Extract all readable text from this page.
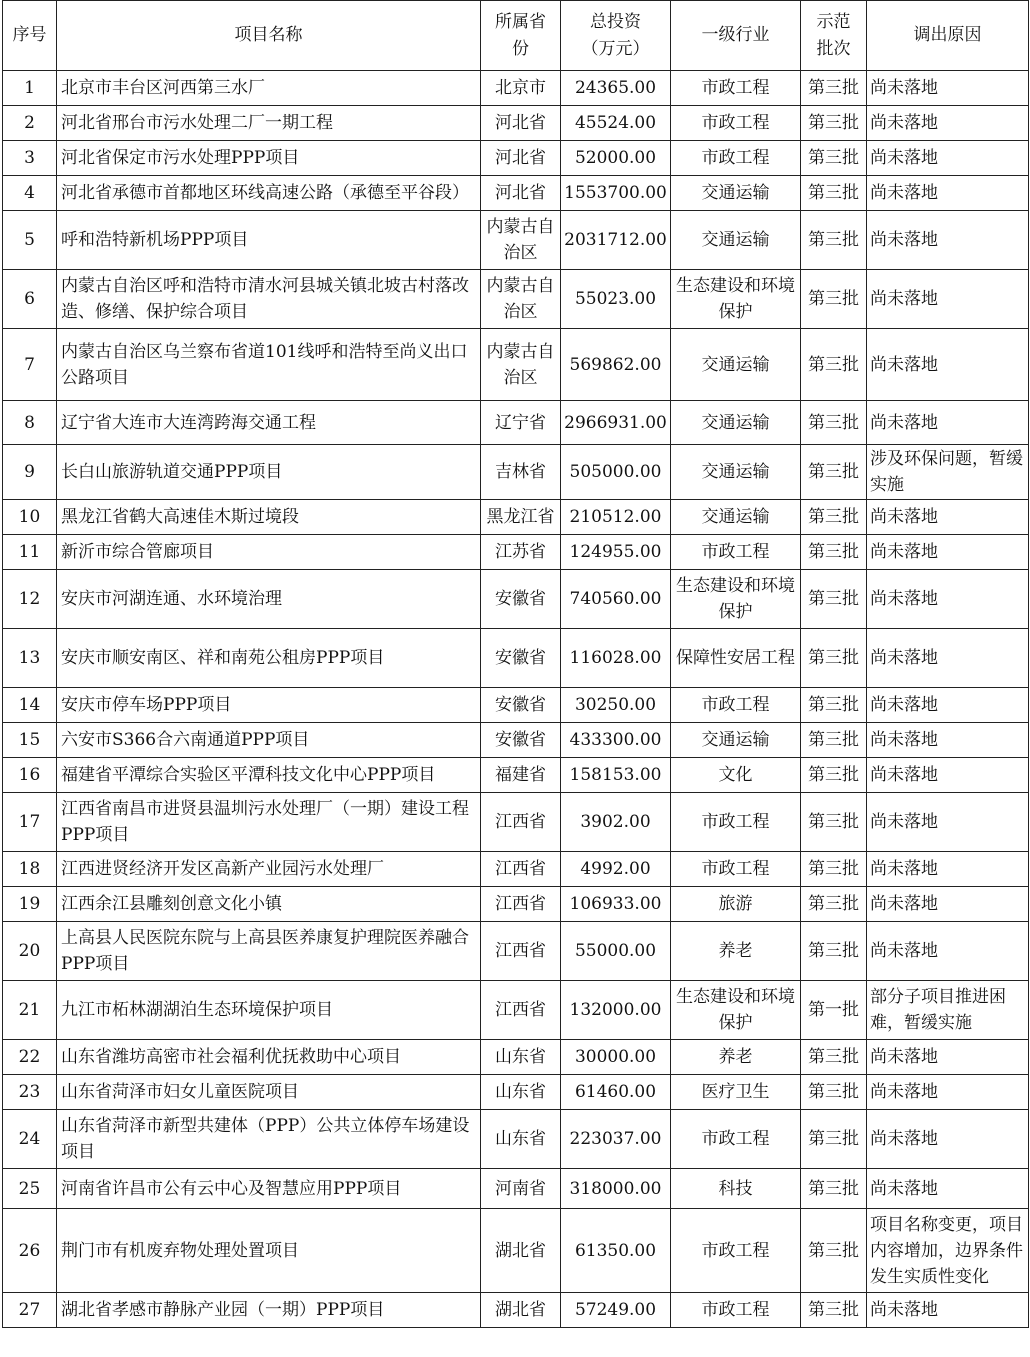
序号	项目名称	所属省份	总投资（万元）	一级行业	示范批次	调出原因
1	北京市丰台区河西第三水厂	北京市	24365.00	市政工程	第三批	尚未落地
2	河北省邢台市污水处理二厂一期工程	河北省	45524.00	市政工程	第三批	尚未落地
3	河北省保定市污水处理PPP项目	河北省	52000.00	市政工程	第三批	尚未落地
4	河北省承德市首都地区环线高速公路（承德至平谷段）	河北省	1553700.00	交通运输	第三批	尚未落地
5	呼和浩特新机场PPP项目	内蒙古自治区	2031712.00	交通运输	第三批	尚未落地
6	内蒙古自治区呼和浩特市清水河县城关镇北坡古村落改造、修缮、保护综合项目	内蒙古自治区	55023.00	生态建设和环境保护	第三批	尚未落地
7	内蒙古自治区乌兰察布省道101线呼和浩特至尚义出口公路项目	内蒙古自治区	569862.00	交通运输	第三批	尚未落地
8	辽宁省大连市大连湾跨海交通工程	辽宁省	2966931.00	交通运输	第三批	尚未落地
9	长白山旅游轨道交通PPP项目	吉林省	505000.00	交通运输	第三批	涉及环保问题，暂缓实施
10	黑龙江省鹤大高速佳木斯过境段	黑龙江省	210512.00	交通运输	第三批	尚未落地
11	新沂市综合管廊项目	江苏省	124955.00	市政工程	第三批	尚未落地
12	安庆市河湖连通、水环境治理	安徽省	740560.00	生态建设和环境保护	第三批	尚未落地
13	安庆市顺安南区、祥和南苑公租房PPP项目	安徽省	116028.00	保障性安居工程	第三批	尚未落地
14	安庆市停车场PPP项目	安徽省	30250.00	市政工程	第三批	尚未落地
15	六安市S366合六南通道PPP项目	安徽省	433300.00	交通运输	第三批	尚未落地
16	福建省平潭综合实验区平潭科技文化中心PPP项目	福建省	158153.00	文化	第三批	尚未落地
17	江西省南昌市进贤县温圳污水处理厂（一期）建设工程PPP项目	江西省	3902.00	市政工程	第三批	尚未落地
18	江西进贤经济开发区高新产业园污水处理厂	江西省	4992.00	市政工程	第三批	尚未落地
19	江西余江县雕刻创意文化小镇	江西省	106933.00	旅游	第三批	尚未落地
20	上高县人民医院东院与上高县医养康复护理院医养融合PPP项目	江西省	55000.00	养老	第三批	尚未落地
21	九江市柘林湖湖泊生态环境保护项目	江西省	132000.00	生态建设和环境保护	第一批	部分子项目推进困难，暂缓实施
22	山东省潍坊高密市社会福利优抚救助中心项目	山东省	30000.00	养老	第三批	尚未落地
23	山东省菏泽市妇女儿童医院项目	山东省	61460.00	医疗卫生	第三批	尚未落地
24	山东省菏泽市新型共建体（PPP）公共立体停车场建设项目	山东省	223037.00	市政工程	第三批	尚未落地
25	河南省许昌市公有云中心及智慧应用PPP项目	河南省	318000.00	科技	第三批	尚未落地
26	荆门市有机废弃物处理处置项目	湖北省	61350.00	市政工程	第三批	项目名称变更，项目内容增加，边界条件发生实质性变化
27	湖北省孝感市静脉产业园（一期）PPP项目	湖北省	57249.00	市政工程	第三批	尚未落地
